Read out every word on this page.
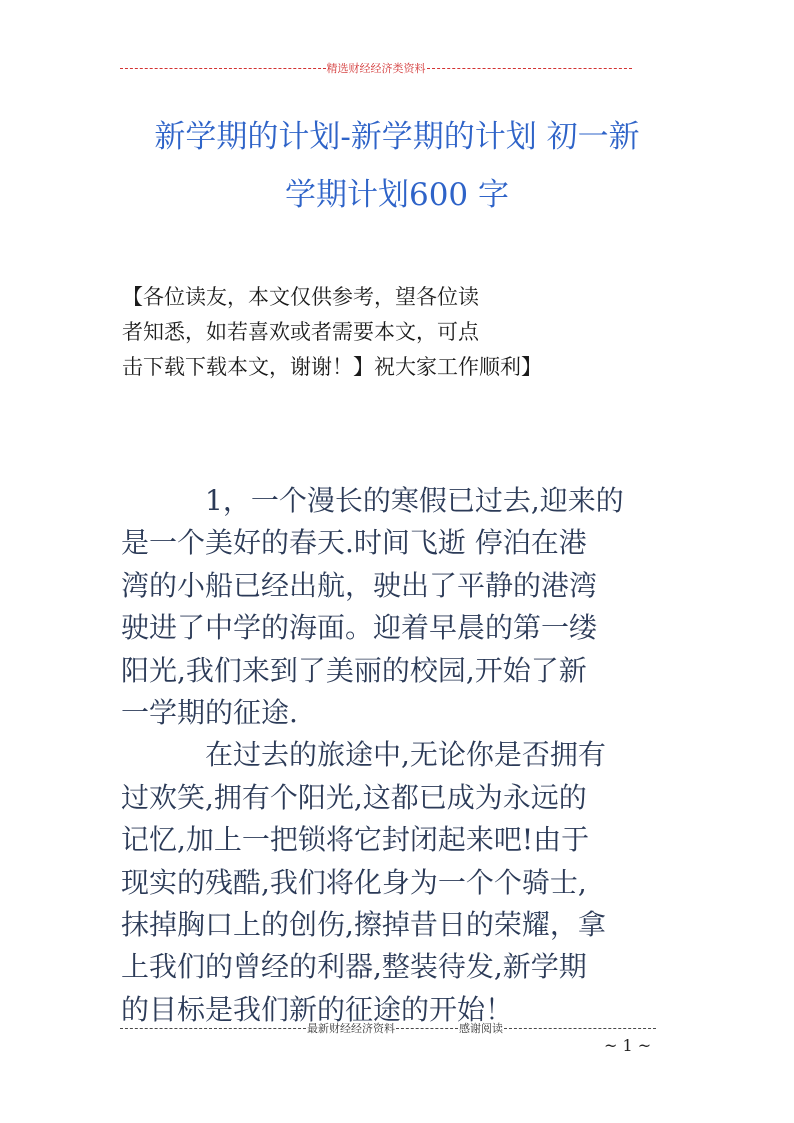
精选财经经济类资料
新学期的计划-新学期的计划 初一新
学期计划600 字
【各位读友，本文仅供参考，望各位读
者知悉，如若喜欢或者需要本文，可点
击下载下载本文，谢谢！】祝大家工作顺利】
　　　1，一个漫长的寒假已过去,迎来的
是一个美好的春天.时间飞逝 停泊在港
湾的小船已经出航，驶出了平静的港湾
驶进了中学的海面。迎着早晨的第一缕
阳光,我们来到了美丽的校园,开始了新
一学期的征途.
　　　在过去的旅途中,无论你是否拥有
过欢笑,拥有个阳光,这都已成为永远的
记忆,加上一把锁将它封闭起来吧!由于
现实的残酷,我们将化身为一个个骑士,
抹掉胸口上的创伤,擦掉昔日的荣耀，拿
上我们的曾经的利器,整装待发,新学期
的目标是我们新的征途的开始！
最新财经经济资料	感谢阅读
~ 1 ~
